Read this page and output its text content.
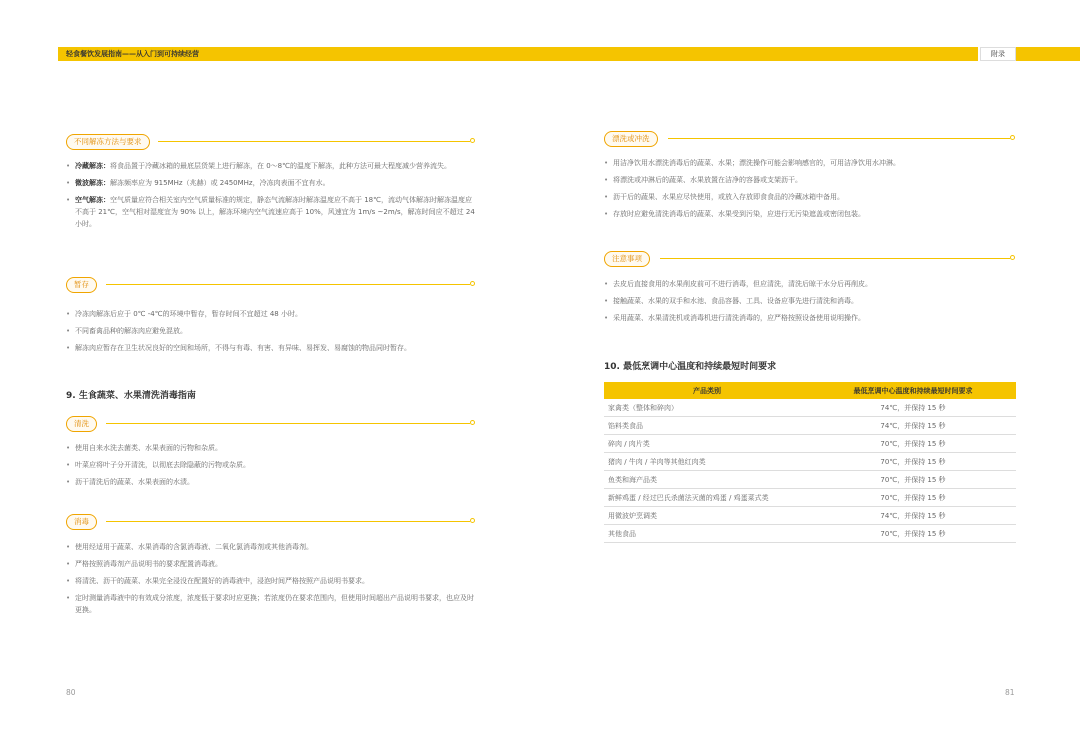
轻食餐饮发展指南——从入门到可持续经营	附录
不同解冻方法与要求
• 冷藏解冻：将食品置于冷藏冰箱的最底层货架上进行解冻，在 0～8℃的温度下解冻，此种方法可最大程度减少营养流失。
• 微波解冻：解冻频率应为 915MHz（兆赫）或 2450MHz，冷冻肉表面不宜有水。
• 空气解冻：空气质量应符合相关室内空气质量标准的规定，静态气流解冻时解冻温度应不高于 18℃，流动气体解冻时解冻温度应不高于 21℃，空气相对湿度宜为 90% 以上，解冻环境内空气流速应高于 10%，风速宜为 1m/s ~2m/s，解冻时间应不超过 24 小时。
暂存
• 冷冻肉解冻后应于 0℃ -4℃的环境中暂存，暂存时间不宜超过 48 小时。
• 不同畜禽品种的解冻肉应避免混放。
• 解冻肉应暂存在卫生状况良好的空间和场所，不得与有毒、有害、有异味、易挥发、易腐蚀的物品同时暂存。
9. 生食蔬菜、水果清洗消毒指南
清洗
• 使用自来水洗去菌类、水果表面的污物和杂质。
• 叶菜应将叶子分开清洗，以彻底去除隐蔽的污物或杂质。
• 沥干清洗后的蔬菜、水果表面的水渍。
消毒
• 使用经适用于蔬菜、水果消毒的含氯消毒液、二氧化氯消毒剂或其他消毒剂。
• 严格按照消毒剂产品说明书的要求配置消毒液。
• 将清洗、沥干的蔬菜、水果完全浸没在配置好的消毒液中，浸泡时间严格按照产品说明书要求。
• 定时测量消毒液中的有效成分浓度，浓度低于要求时应更换；若浓度仍在要求范围内，但使用时间超出产品说明书要求，也应及时更换。
80
漂洗或冲洗
• 用洁净饮用水漂洗消毒后的蔬菜、水果；漂洗操作可能会影响感官的，可用洁净饮用水冲淋。
• 将漂洗或冲淋后的蔬菜、水果放置在洁净的容器或支架沥干。
• 沥干后的蔬果、水果应尽快使用，或放入存放即食食品的冷藏冰箱中备用。
• 存放时应避免清洗消毒后的蔬菜、水果受到污染，应进行无污染遮盖或密闭包装。
注意事项
• 去皮后直接食用的水果削皮前可不进行消毒，但应清洗，清洗后晾干水分后再削皮。
• 接触蔬菜、水果的双手和水池、食品容器、工具、设备应事先进行清洗和消毒。
• 采用蔬菜、水果清洗机或消毒机进行清洗消毒的，应严格按照设备使用说明操作。
10. 最低烹调中心温度和持续最短时间要求
产品类别	最低烹调中心温度和持续最短时间要求
家禽类（整体和碎肉）	74℃，并保持 15 秒
馅料类食品	74℃，并保持 15 秒
碎肉 / 肉片类	70℃，并保持 15 秒
猪肉 / 牛肉 / 羊肉等其他红肉类	70℃，并保持 15 秒
鱼类和海产品类	70℃，并保持 15 秒
新鲜鸡蛋 / 经过巴氏杀菌法灭菌的鸡蛋 / 鸡蛋菜式类	70℃，并保持 15 秒
用微波炉烹调类	74℃，并保持 15 秒
其他食品	70℃，并保持 15 秒
81
